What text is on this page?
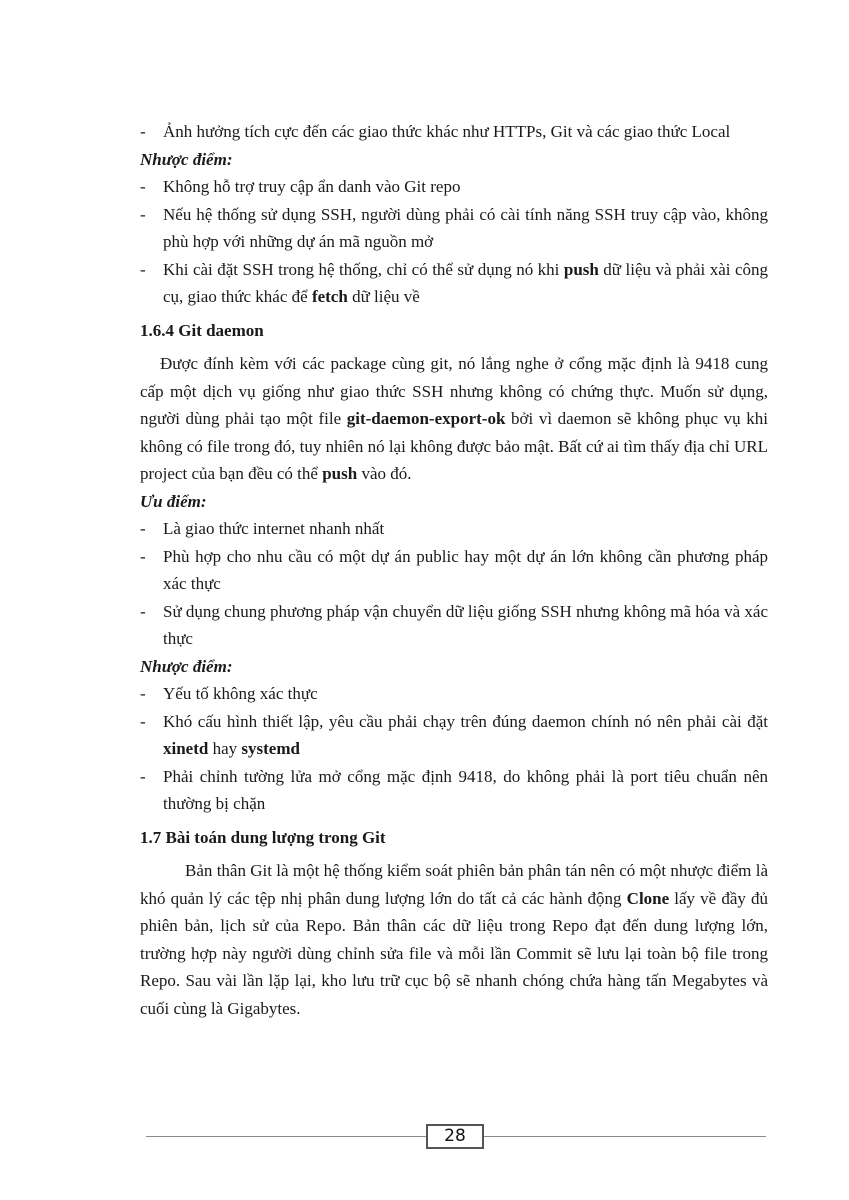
- Ảnh hưởng tích cực đến các giao thức khác như HTTPs, Git và các giao thức Local
Nhược điểm:
- Không hỗ trợ truy cập ẩn danh vào Git repo
- Nếu hệ thống sử dụng SSH, người dùng phải có cài tính năng SSH truy cập vào, không phù hợp với những dự án mã nguồn mở
- Khi cài đặt SSH trong hệ thống, chỉ có thể sử dụng nó khi push dữ liệu và phải xài công cụ, giao thức khác để fetch dữ liệu về
1.6.4 Git daemon
Được đính kèm với các package cùng git, nó lắng nghe ở cổng mặc định là 9418 cung cấp một dịch vụ giống như giao thức SSH nhưng không có chứng thực. Muốn sử dụng, người dùng phải tạo một file git-daemon-export-ok bởi vì daemon sẽ không phục vụ khi không có file trong đó, tuy nhiên nó lại không được bảo mật. Bất cứ ai tìm thấy địa chỉ URL project của bạn đều có thể push vào đó.
Ưu điểm:
- Là giao thức internet nhanh nhất
- Phù hợp cho nhu cầu có một dự án public hay một dự án lớn không cần phương pháp xác thực
- Sử dụng chung phương pháp vận chuyển dữ liệu giống SSH nhưng không mã hóa và xác thực
Nhược điểm:
- Yếu tố không xác thực
- Khó cấu hình thiết lập, yêu cầu phải chạy trên đúng daemon chính nó nên phải cài đặt xinetd hay systemd
- Phải chỉnh tường lửa mở cổng mặc định 9418, do không phải là port tiêu chuẩn nên thường bị chặn
1.7 Bài toán dung lượng trong Git
Bản thân Git là một hệ thống kiểm soát phiên bản phân tán nên có một nhược điểm là khó quản lý các tệp nhị phân dung lượng lớn do tất cả các hành động Clone lấy về đầy đủ phiên bản, lịch sử của Repo. Bản thân các dữ liệu trong Repo đạt đến dung lượng lớn, trường hợp này người dùng chỉnh sửa file và mỗi lần Commit sẽ lưu lại toàn bộ file trong Repo. Sau vài lần lặp lại, kho lưu trữ cục bộ sẽ nhanh chóng chứa hàng tấn Megabytes và cuối cùng là Gigabytes.
28
